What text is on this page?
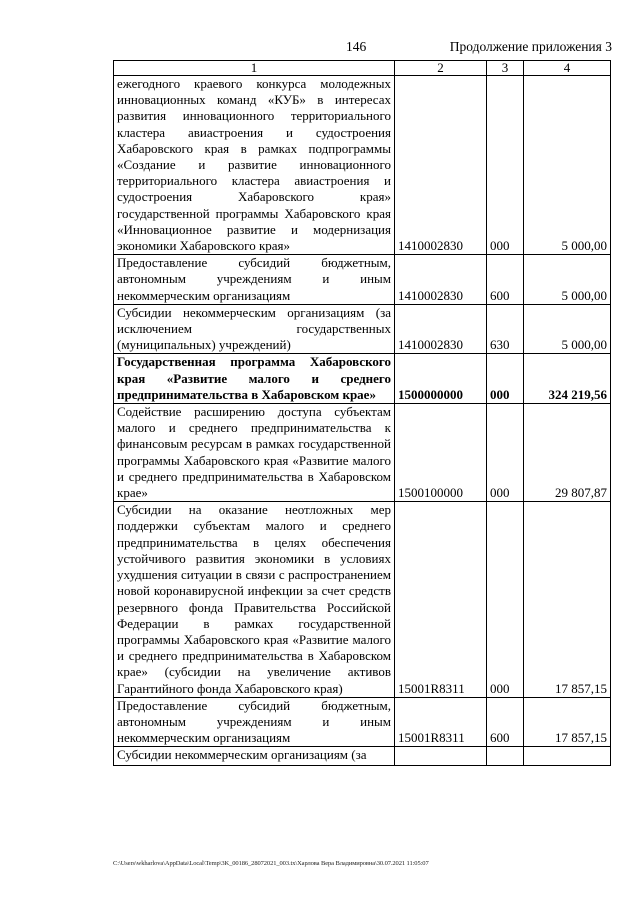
146	Продолжение приложения 3
1	2	3	4
ежегодного краевого конкурса молодежных инновационных команд «КУБ» в интересах развития инновационного территориального кластера авиастроения и судостроения Хабаровского края в рамках подпрограммы «Создание и развитие инновационного территориального кластера авиастроения и судостроения Хабаровского края» государственной программы Хабаровского края «Инновационное развитие и модернизация экономики Хабаровского края»	1410002830	000	5 000,00
Предоставление субсидий бюджетным, автономным учреждениям и иным некоммерческим организациям	1410002830	600	5 000,00
Субсидии некоммерческим организациям (за исключением государственных (муниципальных) учреждений)	1410002830	630	5 000,00
Государственная программа Хабаровского края «Развитие малого и среднего предпринимательства в Хабаровском крае»	1500000000	000	324 219,56
Содействие расширению доступа субъектам малого и среднего предпринимательства к финансовым ресурсам в рамках государственной программы Хабаровского края «Развитие малого и среднего предпринимательства в Хабаровском крае»	1500100000	000	29 807,87
Субсидии на оказание неотложных мер поддержки субъектам малого и среднего предпринимательства в целях обеспечения устойчивого развития экономики в условиях ухудшения ситуации в связи с распространением новой коронавирусной инфекции за счет средств резервного фонда Правительства Российской Федерации в рамках государственной программы Хабаровского края «Развитие малого и среднего предпринимательства в Хабаровском крае» (субсидии на увеличение активов Гарантийного фонда Хабаровского края)	15001R8311	000	17 857,15
Предоставление субсидий бюджетным, автономным учреждениям и иным некоммерческим организациям	15001R8311	600	17 857,15
Субсидии некоммерческим организациям (за			
C:\Users\wkharlova\AppData\Local\Temp\3K_00186_28072021_003.tx\Харлова Вера Владимировна\30.07.2021 11:05:07
